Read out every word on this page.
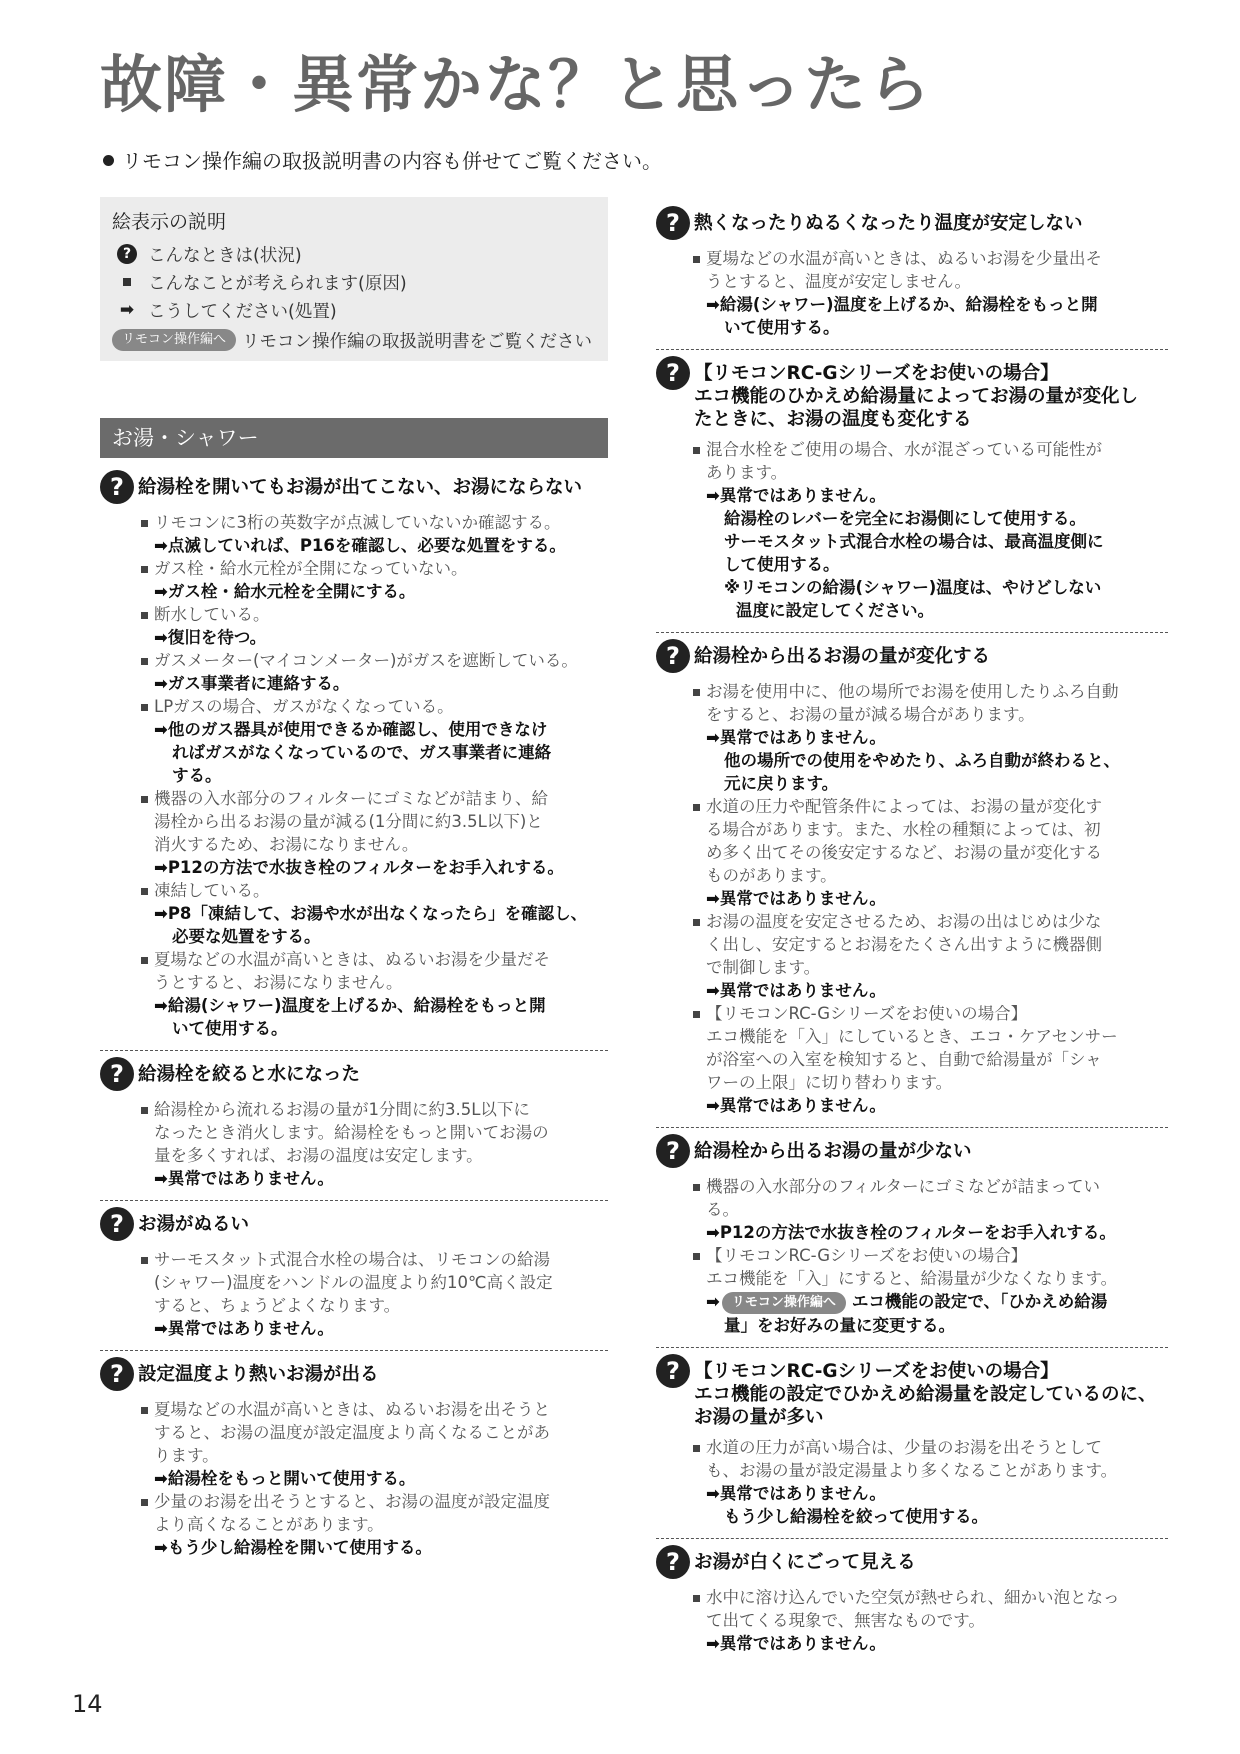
故障・異常かな？と思ったら
リモコン操作編の取扱説明書の内容も併せてご覧ください。
絵表示の説明
? こんなときは(状況)
こんなことが考えられます(原因)
➡ こうしてください(処置)
リモコン操作編へ リモコン操作編の取扱説明書をご覧ください
お湯・シャワー
? 給湯栓を開いてもお湯が出てこない、お湯にならない
リモコンに3桁の英数字が点滅していないか確認する。
➡点滅していれば、P16を確認し、必要な処置をする。
ガス栓・給水元栓が全開になっていない。
➡ガス栓・給水元栓を全開にする。
断水している。
➡復旧を待つ。
ガスメーター(マイコンメーター)がガスを遮断している。
➡ガス事業者に連絡する。
LPガスの場合、ガスがなくなっている。
➡他のガス器具が使用できるか確認し、使用できなけ
ればガスがなくなっているので、ガス事業者に連絡
する。
機器の入水部分のフィルターにゴミなどが詰まり、給
湯栓から出るお湯の量が減る(1分間に約3.5L以下)と
消火するため、お湯になりません。
➡P12の方法で水抜き栓のフィルターをお手入れする。
凍結している。
➡P8「凍結して、お湯や水が出なくなったら」を確認し、
必要な処置をする。
夏場などの水温が高いときは、ぬるいお湯を少量だそ
うとすると、お湯になりません。
➡給湯(シャワー)温度を上げるか、給湯栓をもっと開
いて使用する。
? 給湯栓を絞ると水になった
給湯栓から流れるお湯の量が1分間に約3.5L以下に
なったとき消火します。給湯栓をもっと開いてお湯の
量を多くすれば、お湯の温度は安定します。
➡異常ではありません。
? お湯がぬるい
サーモスタット式混合水栓の場合は、リモコンの給湯
(シャワー)温度をハンドルの温度より約10℃高く設定
すると、ちょうどよくなります。
➡異常ではありません。
? 設定温度より熱いお湯が出る
夏場などの水温が高いときは、ぬるいお湯を出そうと
すると、お湯の温度が設定温度より高くなることがあ
ります。
➡給湯栓をもっと開いて使用する。
少量のお湯を出そうとすると、お湯の温度が設定温度
より高くなることがあります。
➡もう少し給湯栓を開いて使用する。
? 熱くなったりぬるくなったり温度が安定しない
夏場などの水温が高いときは、ぬるいお湯を少量出そ
うとすると、温度が安定しません。
➡給湯(シャワー)温度を上げるか、給湯栓をもっと開
いて使用する。
? 【リモコンRC-Gシリーズをお使いの場合】
エコ機能のひかえめ給湯量によってお湯の量が変化し
たときに、お湯の温度も変化する
混合水栓をご使用の場合、水が混ざっている可能性が
あります。
➡異常ではありません。
給湯栓のレバーを完全にお湯側にして使用する。
サーモスタット式混合水栓の場合は、最高温度側に
して使用する。
※リモコンの給湯(シャワー)温度は、やけどしない
温度に設定してください。
? 給湯栓から出るお湯の量が変化する
お湯を使用中に、他の場所でお湯を使用したりふろ自動
をすると、お湯の量が減る場合があります。
➡異常ではありません。
他の場所での使用をやめたり、ふろ自動が終わると、
元に戻ります。
水道の圧力や配管条件によっては、お湯の量が変化す
る場合があります。また、水栓の種類によっては、初
め多く出てその後安定するなど、お湯の量が変化する
ものがあります。
➡異常ではありません。
お湯の温度を安定させるため、お湯の出はじめは少な
く出し、安定するとお湯をたくさん出すように機器側
で制御します。
➡異常ではありません。
【リモコンRC-Gシリーズをお使いの場合】
エコ機能を「入」にしているとき、エコ・ケアセンサー
が浴室への入室を検知すると、自動で給湯量が「シャ
ワーの上限」に切り替わります。
➡異常ではありません。
? 給湯栓から出るお湯の量が少ない
機器の入水部分のフィルターにゴミなどが詰まってい
る。
➡P12の方法で水抜き栓のフィルターをお手入れする。
【リモコンRC-Gシリーズをお使いの場合】
エコ機能を「入」にすると、給湯量が少なくなります。
➡ リモコン操作編へ エコ機能の設定で、「ひかえめ給湯
量」をお好みの量に変更する。
? 【リモコンRC-Gシリーズをお使いの場合】
エコ機能の設定でひかえめ給湯量を設定しているのに、
お湯の量が多い
水道の圧力が高い場合は、少量のお湯を出そうとして
も、お湯の量が設定湯量より多くなることがあります。
➡異常ではありません。
もう少し給湯栓を絞って使用する。
? お湯が白くにごって見える
水中に溶け込んでいた空気が熱せられ、細かい泡となっ
て出てくる現象で、無害なものです。
➡異常ではありません。
14
